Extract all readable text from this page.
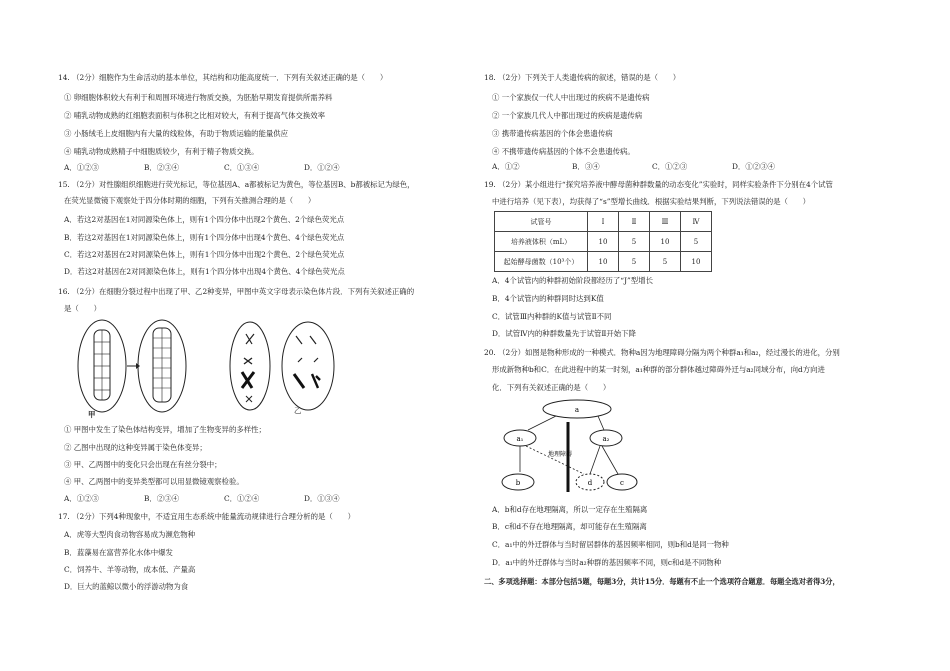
14. （2分）细胞作为生命活动的基本单位，其结构和功能高度统一．下列有关叙述正确的是（　　）
① 卵细胞体积较大有利于和周围环境进行物质交换，为胚胎早期发育提供所需养料
② 哺乳动物成熟的红细胞表面积与体积之比相对较大，有利于提高气体交换效率
③ 小肠绒毛上皮细胞内有大量的线粒体，有助于物质运输的能量供应
④ 哺乳动物成熟精子中细胞质较少，有利于精子物质交换。
A．①②③	B．②③④	C．①③④	D．①②④
15. （2分）对性腺组织细胞进行荧光标记，等位基因A、a都被标记为黄色，等位基因B、b都被标记为绿色，
在荧光显微镜下观察处于四分体时期的细胞，下列有关推测合理的是（　　）
A．若这2对基因在1对同源染色体上，则有1个四分体中出现2个黄色、2个绿色荧光点
B．若这2对基因在1对同源染色体上，则有1个四分体中出现4个黄色、4个绿色荧光点
C．若这2对基因在2对同源染色体上，则有1个四分体中出现2个黄色、2个绿色荧光点
D．若这2对基因在2对同源染色体上，则有1个四分体中出现4个黄色、4个绿色荧光点
16. （2分）在细胞分裂过程中出现了甲、乙2种变异，甲图中英文字母表示染色体片段．下列有关叙述正确的
是（　　）
甲	乙
① 甲图中发生了染色体结构变异，增加了生物变异的多样性；
② 乙图中出现的这种变异属于染色体变异；
③ 甲、乙两图中的变化只会出现在有丝分裂中；
④ 甲、乙两图中的变异类型都可以用显微镜观察检验。
A．①②③	B．②③④	C．①②④	D．①③④
17. （2分）下列4种现象中，不适宜用生态系统中能量流动规律进行合理分析的是（　　）
A．虎等大型肉食动物容易成为濒危物种
B．蓝藻易在富营养化水体中爆发
C．饲养牛、羊等动物，成本低、产量高
D．巨大的蓝鲸以微小的浮游动物为食
18. （2分）下列关于人类遗传病的叙述，错误的是（　　）
① 一个家族仅一代人中出现过的疾病不是遗传病
② 一个家族几代人中都出现过的疾病是遗传病
③ 携带遗传病基因的个体会患遗传病
④ 不携带遗传病基因的个体不会患遗传病。
A．①②	B．③④	C．①②③	D．①②③④
19. （2分）某小组进行“探究培养液中酵母菌种群数量的动态变化”实验时，同样实验条件下分别在4个试管
中进行培养（见下表），均获得了“s”型增长曲线．根据实验结果判断，下列说法错误的是（　　）
试管号	Ⅰ	Ⅱ	Ⅲ	Ⅳ
培养液体积（mL）	10	5	10	5
起始酵母菌数（10³个）	10	5	5	10
A．4个试管内的种群初始阶段都经历了“J”型增长
B．4个试管内的种群同时达到K值
C．试管Ⅲ内种群的K值与试管Ⅱ不同
D．试管Ⅳ内的种群数量先于试管Ⅱ开始下降
20. （2分）如图是物种形成的一种模式．物种a因为地理障碍分隔为两个种群a₁和a₂，经过漫长的进化，分别
形成新物种b和C．在此进程中的某一时刻，a₁种群的部分群体越过障碍外迁与a₂同域分布，向d方向进
化．下列有关叙述正确的是（　　）
a
a₁	a₂
地理障碍
b	d	c
A．b和d存在地理隔离，所以一定存在生殖隔离
B．c和d不存在地理隔离，却可能存在生殖隔离
C．a₁中的外迁群体与当时留居群体的基因频率相同，则b和d是同一物种
D．a₁中的外迁群体与当时a₂种群的基因频率不同，则c和d是不同物种
二、多项选择题：本部分包括5题，每题3分，共计15分．每题有不止一个选项符合题意．每题全选对者得3分，
